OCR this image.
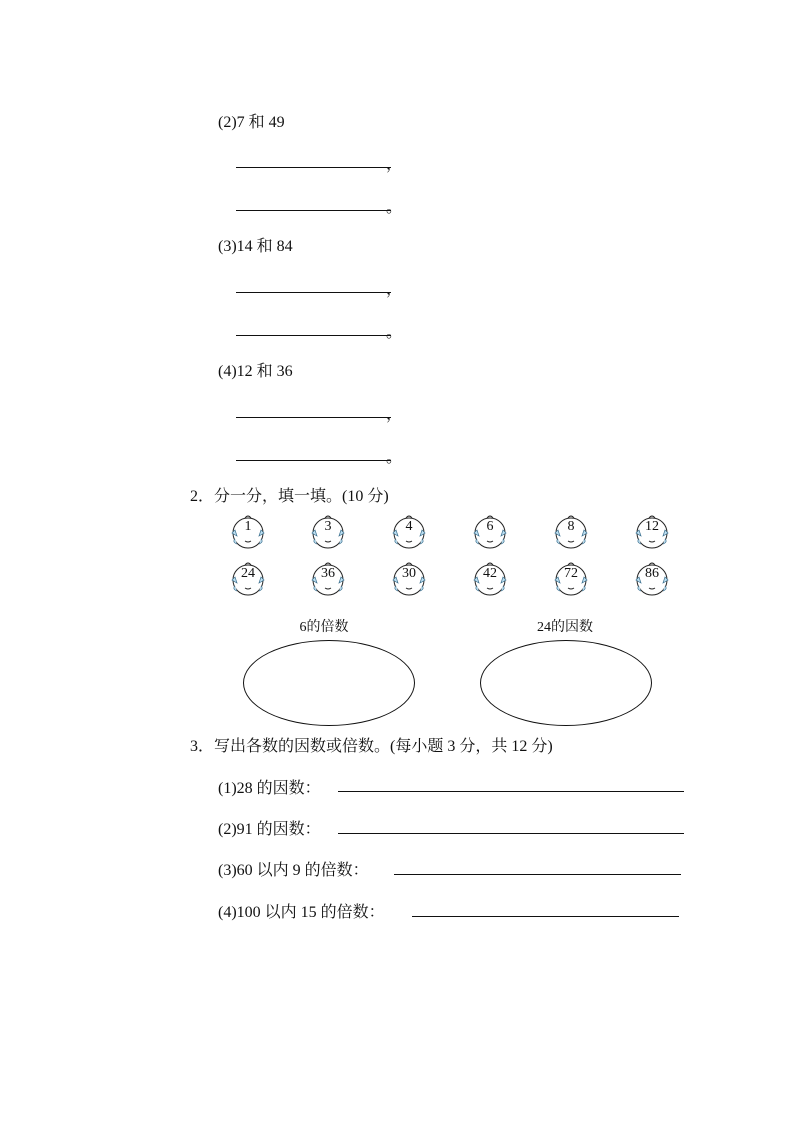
(2)7 和 49
，
。
(3)14 和 84
，
。
(4)12 和 36
，
。
2．分一分，填一填。(10 分)
1	3	4	6	8	12
24	36	30	42	72	86
6的倍数	24的因数
3．写出各数的因数或倍数。(每小题 3 分，共 12 分)
(1)28 的因数：
(2)91 的因数：
(3)60 以内 9 的倍数：
(4)100 以内 15 的倍数：
